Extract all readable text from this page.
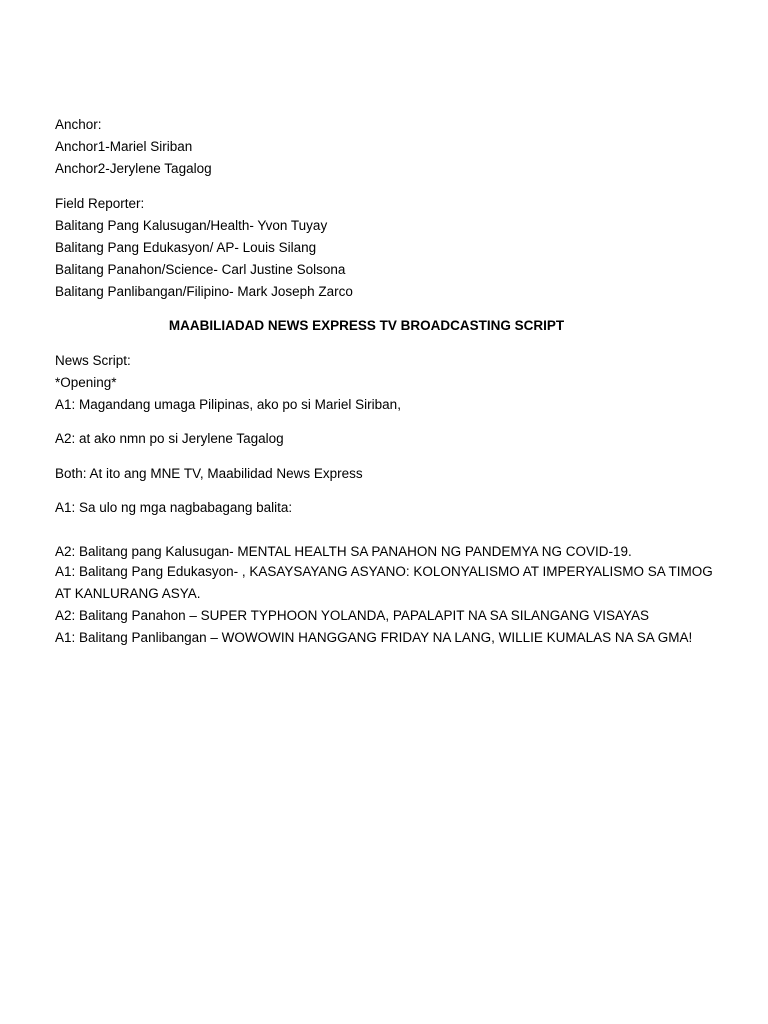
Anchor:
Anchor1-Mariel Siriban
Anchor2-Jerylene Tagalog
Field Reporter:
Balitang Pang Kalusugan/Health- Yvon Tuyay
Balitang Pang Edukasyon/ AP- Louis Silang
Balitang Panahon/Science- Carl Justine Solsona
Balitang Panlibangan/Filipino- Mark Joseph Zarco
MAABILIADAD NEWS EXPRESS TV BROADCASTING SCRIPT
News Script:
*Opening*
A1: Magandang umaga Pilipinas, ako po si Mariel Siriban,
A2: at ako nmn po si Jerylene Tagalog
Both: At ito ang MNE TV, Maabilidad News Express
A1: Sa ulo ng mga nagbabagang balita:
A2: Balitang pang Kalusugan- MENTAL HEALTH SA PANAHON NG PANDEMYA NG COVID-19.
A1: Balitang Pang Edukasyon- , KASAYSAYANG ASYANO: KOLONYALISMO AT IMPERYALISMO SA TIMOG AT KANLURANG ASYA.
A2: Balitang Panahon – SUPER TYPHOON YOLANDA, PAPALAPIT NA SA SILANGANG VISAYAS
A1: Balitang Panlibangan – WOWOWIN HANGGANG FRIDAY NA LANG, WILLIE KUMALAS NA SA GMA!
